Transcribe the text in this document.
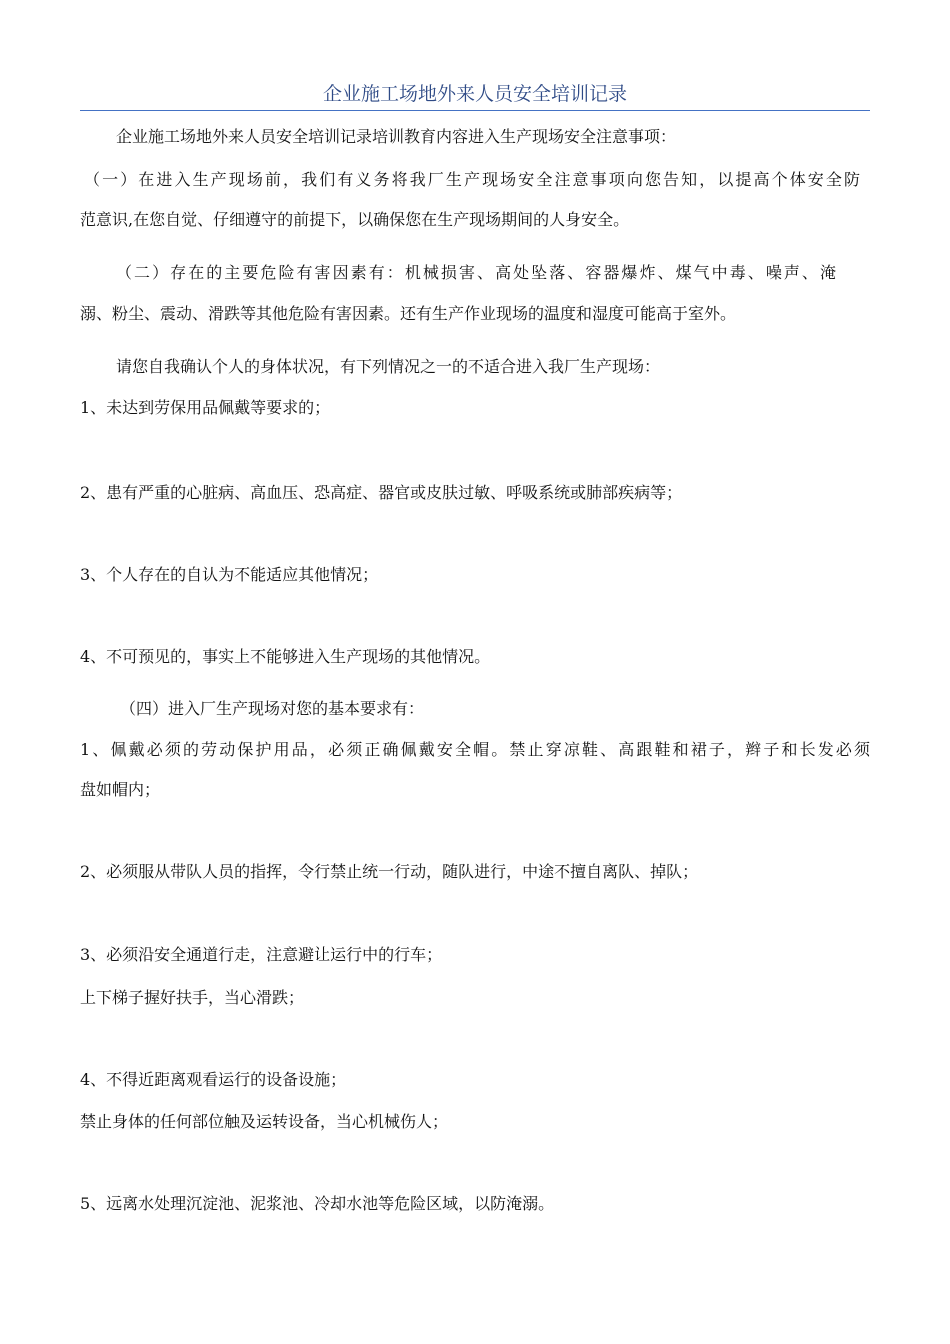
企业施工场地外来人员安全培训记录
企业施工场地外来人员安全培训记录培训教育内容进入生产现场安全注意事项：
（一）在进入生产现场前，我们有义务将我厂生产现场安全注意事项向您告知，以提高个体安全防
范意识,在您自觉、仔细遵守的前提下，以确保您在生产现场期间的人身安全。
（二）存在的主要危险有害因素有：机械损害、高处坠落、容器爆炸、煤气中毒、噪声、淹
溺、粉尘、震动、滑跌等其他危险有害因素。还有生产作业现场的温度和湿度可能高于室外。
请您自我确认个人的身体状况，有下列情况之一的不适合进入我厂生产现场：
1、未达到劳保用品佩戴等要求的；
2、患有严重的心脏病、高血压、恐高症、器官或皮肤过敏、呼吸系统或肺部疾病等；
3、个人存在的自认为不能适应其他情况；
4、不可预见的，事实上不能够进入生产现场的其他情况。
（四）进入厂生产现场对您的基本要求有：
1、佩戴必须的劳动保护用品，必须正确佩戴安全帽。禁止穿凉鞋、高跟鞋和裙子，辫子和长发必须
盘如帽内；
2、必须服从带队人员的指挥，令行禁止统一行动，随队进行，中途不擅自离队、掉队；
3、必须沿安全通道行走，注意避让运行中的行车；
上下梯子握好扶手，当心滑跌；
4、不得近距离观看运行的设备设施；
禁止身体的任何部位触及运转设备，当心机械伤人；
5、远离水处理沉淀池、泥浆池、冷却水池等危险区域，以防淹溺。
